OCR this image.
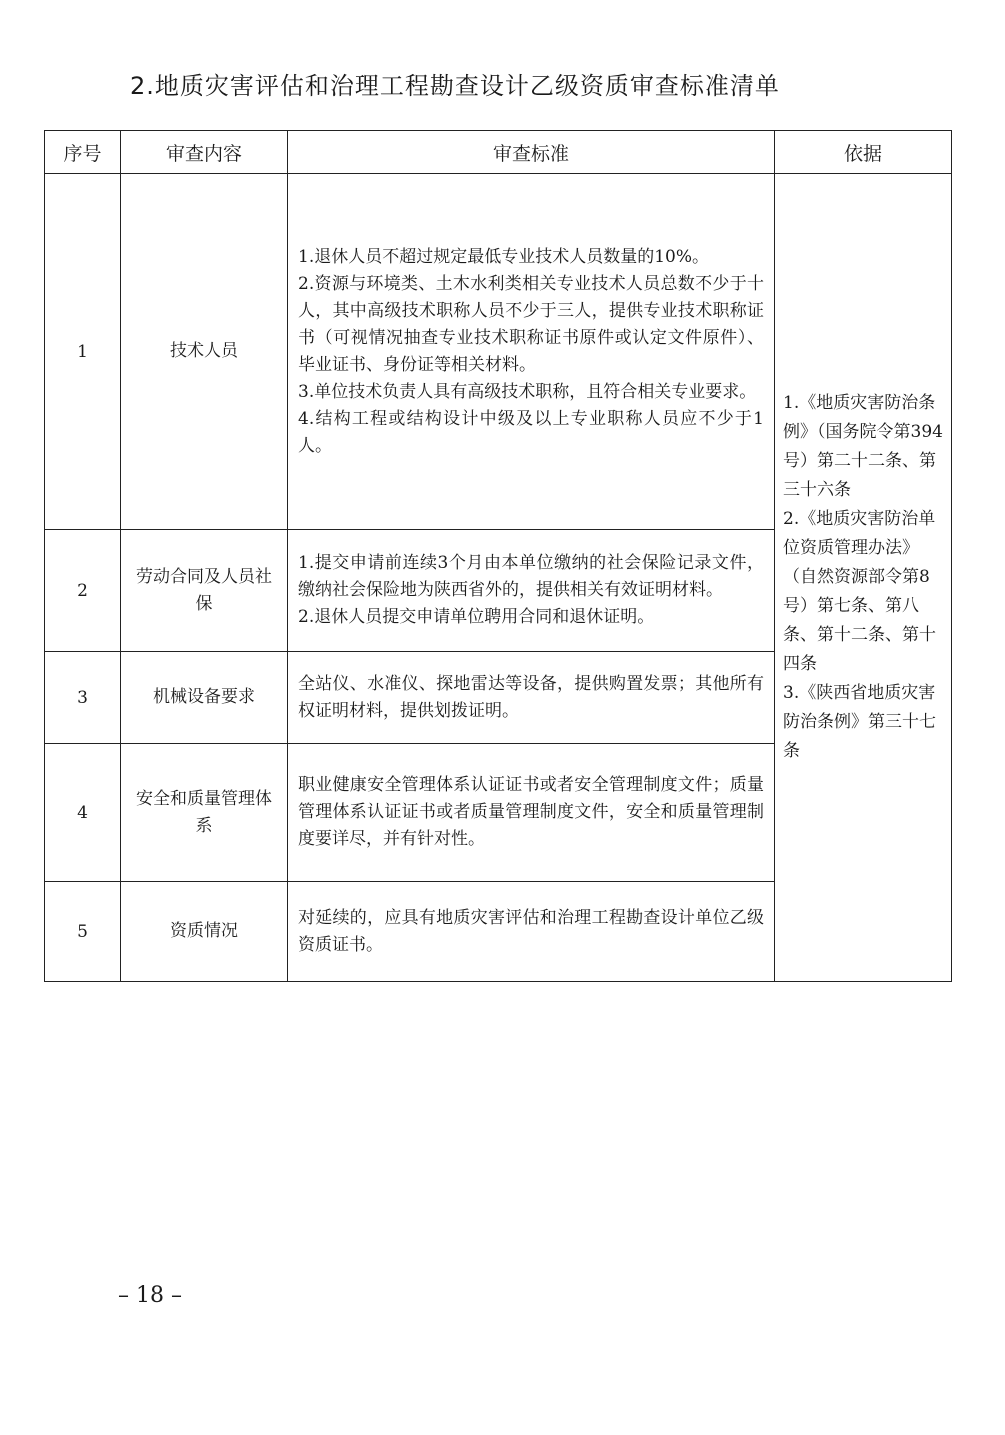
2.地质灾害评估和治理工程勘查设计乙级资质审查标准清单
序号	审查内容	审查标准	依据
1	技术人员	1.退休人员不超过规定最低专业技术人员数量的10%。
2.资源与环境类、土木水利类相关专业技术人员总数不少于十人，其中高级技术职称人员不少于三人，提供专业技术职称证书（可视情况抽查专业技术职称证书原件或认定文件原件）、毕业证书、身份证等相关材料。
3.单位技术负责人具有高级技术职称，且符合相关专业要求。
4.结构工程或结构设计中级及以上专业职称人员应不少于1人。	1.《地质灾害防治条例》（国务院令第394号）第二十二条、第三十六条
2.《地质灾害防治单位资质管理办法》（自然资源部令第8号）第七条、第八条、第十二条、第十四条
3.《陕西省地质灾害防治条例》第三十七条

2	劳动合同及人员社保	1.提交申请前连续3个月由本单位缴纳的社会保险记录文件，缴纳社会保险地为陕西省外的，提供相关有效证明材料。
2.退休人员提交申请单位聘用合同和退休证明。	

3	机械设备要求	全站仪、水准仪、探地雷达等设备，提供购置发票；其他所有权证明材料，提供划拨证明。	

4	安全和质量管理体系	职业健康安全管理体系认证证书或者安全管理制度文件；质量管理体系认证证书或者质量管理制度文件，安全和质量管理制度要详尽，并有针对性。	

5	资质情况	对延续的，应具有地质灾害评估和治理工程勘查设计单位乙级资质证书。	
– 18 –
